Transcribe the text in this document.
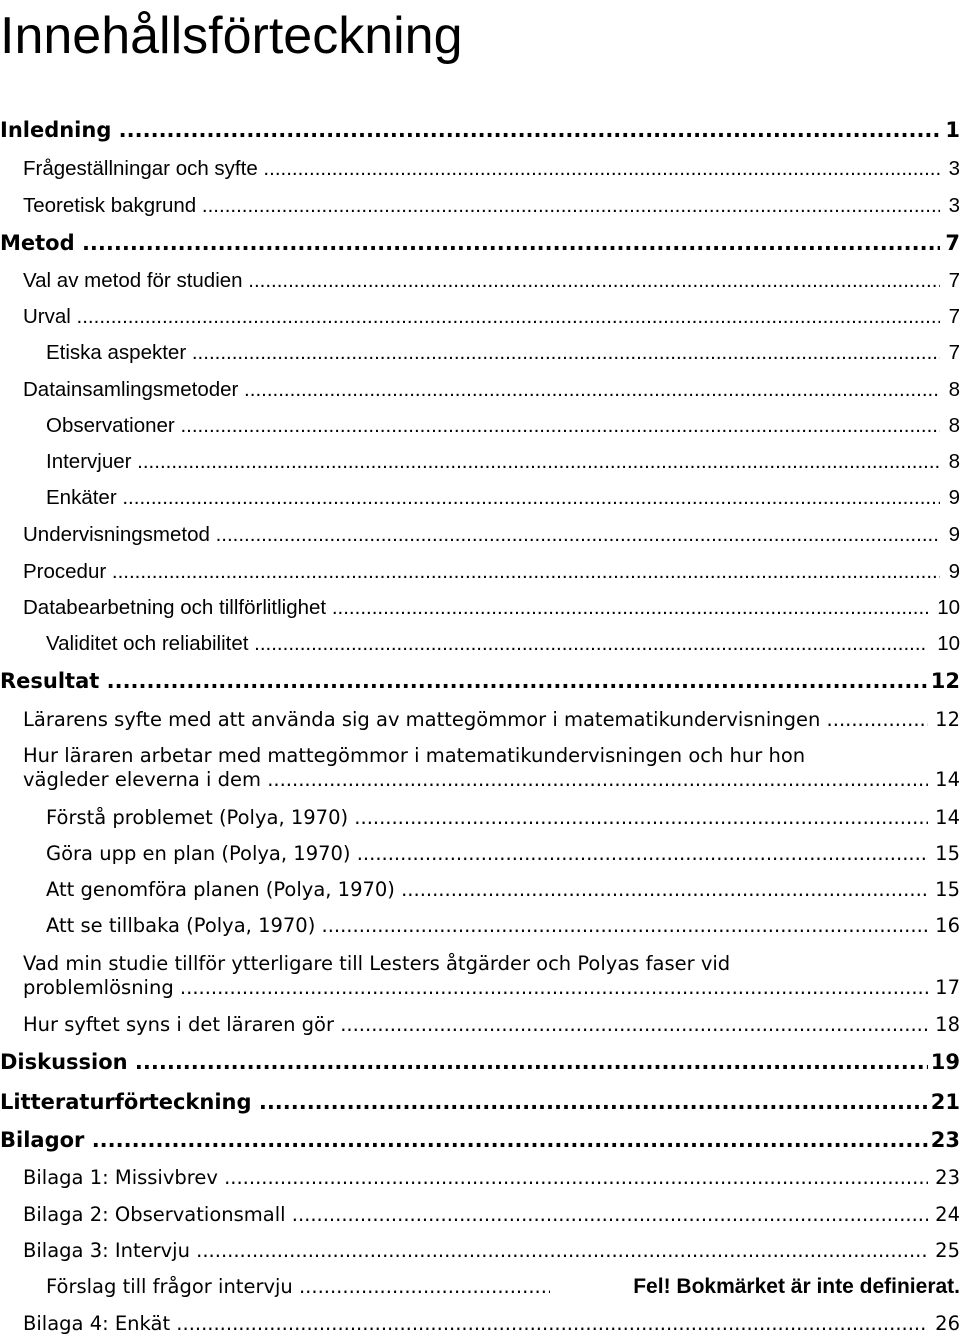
Innehållsförteckning
Inledning .....	1
Frågeställningar och syfte .....	3
Teoretisk bakgrund .....	3
Metod .....	7
Val av metod för studien .....	7
Urval .....	7
Etiska aspekter .....	7
Datainsamlingsmetoder .....	8
Observationer .....	8
Intervjuer .....	8
Enkäter .....	9
Undervisningsmetod .....	9
Procedur .....	9
Databearbetning och tillförlitlighet .....	10
Validitet och reliabilitet .....	10
Resultat .....	12
Lärarens syfte med att använda sig av mattegömmor i matematikundervisningen .....	12
Hur läraren arbetar med mattegömmor i matematikundervisningen och hur hon
vägleder eleverna i dem .....	14
Förstå problemet (Polya, 1970) .....	14
Göra upp en plan (Polya, 1970) .....	15
Att genomföra planen (Polya, 1970) .....	15
Att se tillbaka (Polya, 1970) .....	16
Vad min studie tillför ytterligare till Lesters åtgärder och Polyas faser vid
problemlösning .....	17
Hur syftet syns i det läraren gör .....	18
Diskussion .....	19
Litteraturförteckning .....	21
Bilagor .....	23
Bilaga 1: Missivbrev .....	23
Bilaga 2: Observationsmall .....	24
Bilaga 3: Intervju .....	25
Förslag till frågor intervju .....	Fel! Bokmärket är inte definierat.
Bilaga 4: Enkät .....	26
